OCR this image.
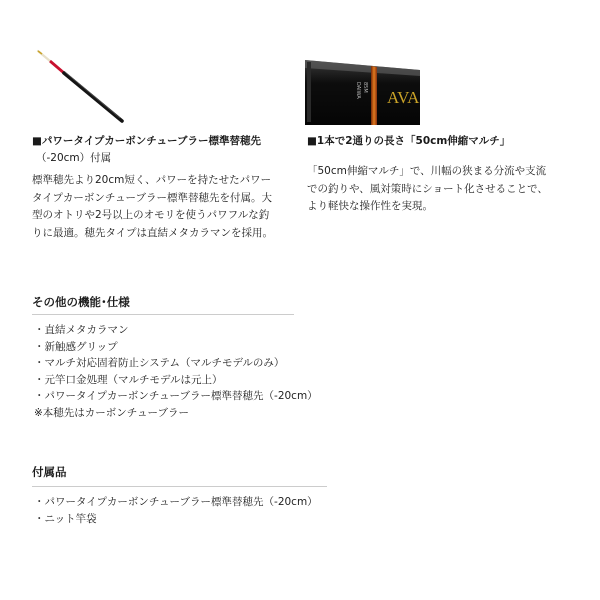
DAIWA 85M
AVA
■パワータイプカーボンチューブラー標準替穂先
（-20cm）付属
標準穂先より20cm短く、パワーを持たせたパワー
タイプカーボンチューブラー標準替穂先を付属。大
型のオトリや2号以上のオモリを使うパワフルな釣
りに最適。穂先タイプは直結メタカラマンを採用。
■1本で2通りの長さ「50cm伸縮マルチ」
「50cm伸縮マルチ」で、川幅の狭まる分流や支流
での釣りや、風対策時にショート化させることで、
より軽快な操作性を実現。
その他の機能･仕様
・直結メタカラマン
・新触感グリップ
・マルチ対応固着防止システム（マルチモデルのみ）
・元竿口金処理（マルチモデルは元上）
・パワータイプカーボンチューブラー標準替穂先（-20cm）
※本穂先はカーボンチューブラー
付属品
・パワータイプカーボンチューブラー標準替穂先（-20cm）
・ニット竿袋
